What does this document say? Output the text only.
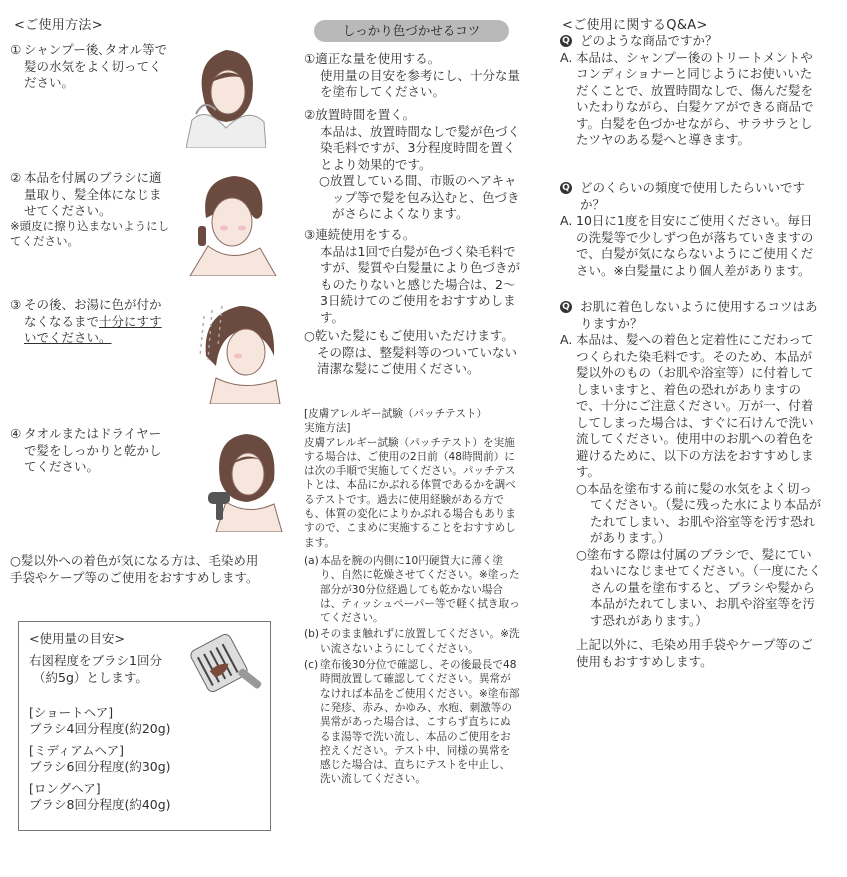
<ご使用方法>
① シャンプー後､タオル等で髪の水気をよく切ってください。
② 本品を付属のブラシに適量取り、髪全体になじませてください。
※頭皮に擦り込まないようにしてください。
③ その後、お湯に色が付かなくなるまで十分にすすいでください。
④ タオルまたはドライヤーで髪をしっかりと乾かしてください。
○髪以外への着色が気になる方は、毛染め用手袋やケープ等のご使用をおすすめします。

<使用量の目安>

右図程度をブラシ1回分

（約5g）とします。

[ショートヘア]

ブラシ4回分程度(約20g)

[ミディアムヘア]

ブラシ6回分程度(約30g)

[ロングヘア]

ブラシ8回分程度(約40g)

しっかり色づかせるコツ
①適正な量を使用する。
使用量の目安を参考にし、十分な量を塗布してください。
②放置時間を置く。
本品は、放置時間なしで髪が色づく染毛料ですが、3分程度時間を置くとより効果的です。
○放置している間、市販のヘアキャップ等で髪を包み込むと、色づきがさらによくなります。
③連続使用をする。
本品は1回で白髪が色づく染毛料ですが、髪質や白髪量により色づきがものたりないと感じた場合は、2～3日続けてのご使用をおすすめします。
○乾いた髪にもご使用いただけます。その際は、整髪料等のついていない清潔な髪にご使用ください。

[皮膚アレルギー試験（パッチテスト）

実施方法]

皮膚アレルギー試験（パッチテスト）を実施する場合は、ご使用の2日前（48時間前）には次の手順で実施してください。パッチテストとは、本品にかぶれる体質であるかを調べるテストです。過去に使用経験がある方でも、体質の変化によりかぶれる場合もありますので、こまめに実施することをおすすめします。

(a) 本品を腕の内側に10円硬貨大に薄く塗り、自然に乾燥させてください。※塗った部分が30分位経過しても乾かない場合は、ティッシュペーパー等で軽く拭き取ってください。
(b) そのまま触れずに放置してください。※洗い流さないようにしてください。
(c) 塗布後30分位で確認し、その後最長で48時間放置して確認してください。異常がなければ本品をご使用ください。※塗布部に発疹、赤み、かゆみ、水疱、刺激等の異常があった場合は、こすらず直ちにぬるま湯等で洗い流し、本品のご使用をお控えください。テスト中、同様の異常を感じた場合は、直ちにテストを中止し、洗い流してください。
<ご使用に関するQ&A>
Q どのような商品ですか？
A. 本品は、シャンプー後のトリートメントやコンディショナーと同じようにお使いいただくことで、放置時間なしで、傷んだ髪をいたわりながら、白髪ケアができる商品です。白髪を色づかせながら、サラサラとしたツヤのある髪へと導きます。
Q どのくらいの頻度で使用したらいいですか？
A. 10日に1度を目安にご使用ください。毎日の洗髪等で少しずつ色が落ちていきますので、白髪が気にならないようにご使用ください。※白髪量により個人差があります。
Q お肌に着色しないように使用するコツはありますか？
A. 本品は、髪への着色と定着性にこだわってつくられた染毛料です。そのため、本品が髪以外のもの（お肌や浴室等）に付着してしまいますと、着色の恐れがありますので、十分にご注意ください。万が一、付着してしまった場合は、すぐに石けんで洗い流してください。使用中のお肌への着色を避けるために、以下の方法をおすすめします。
○本品を塗布する前に髪の水気をよく切ってください。（髪に残った水により本品がたれてしまい、お肌や浴室等を汚す恐れがあります。）
○塗布する際は付属のブラシで、髪にていねいになじませてください。（一度にたくさんの量を塗布すると、ブラシや髪から本品がたれてしまい、お肌や浴室等を汚す恐れがあります。）
上記以外に、毛染め用手袋やケープ等のご使用もおすすめします。
